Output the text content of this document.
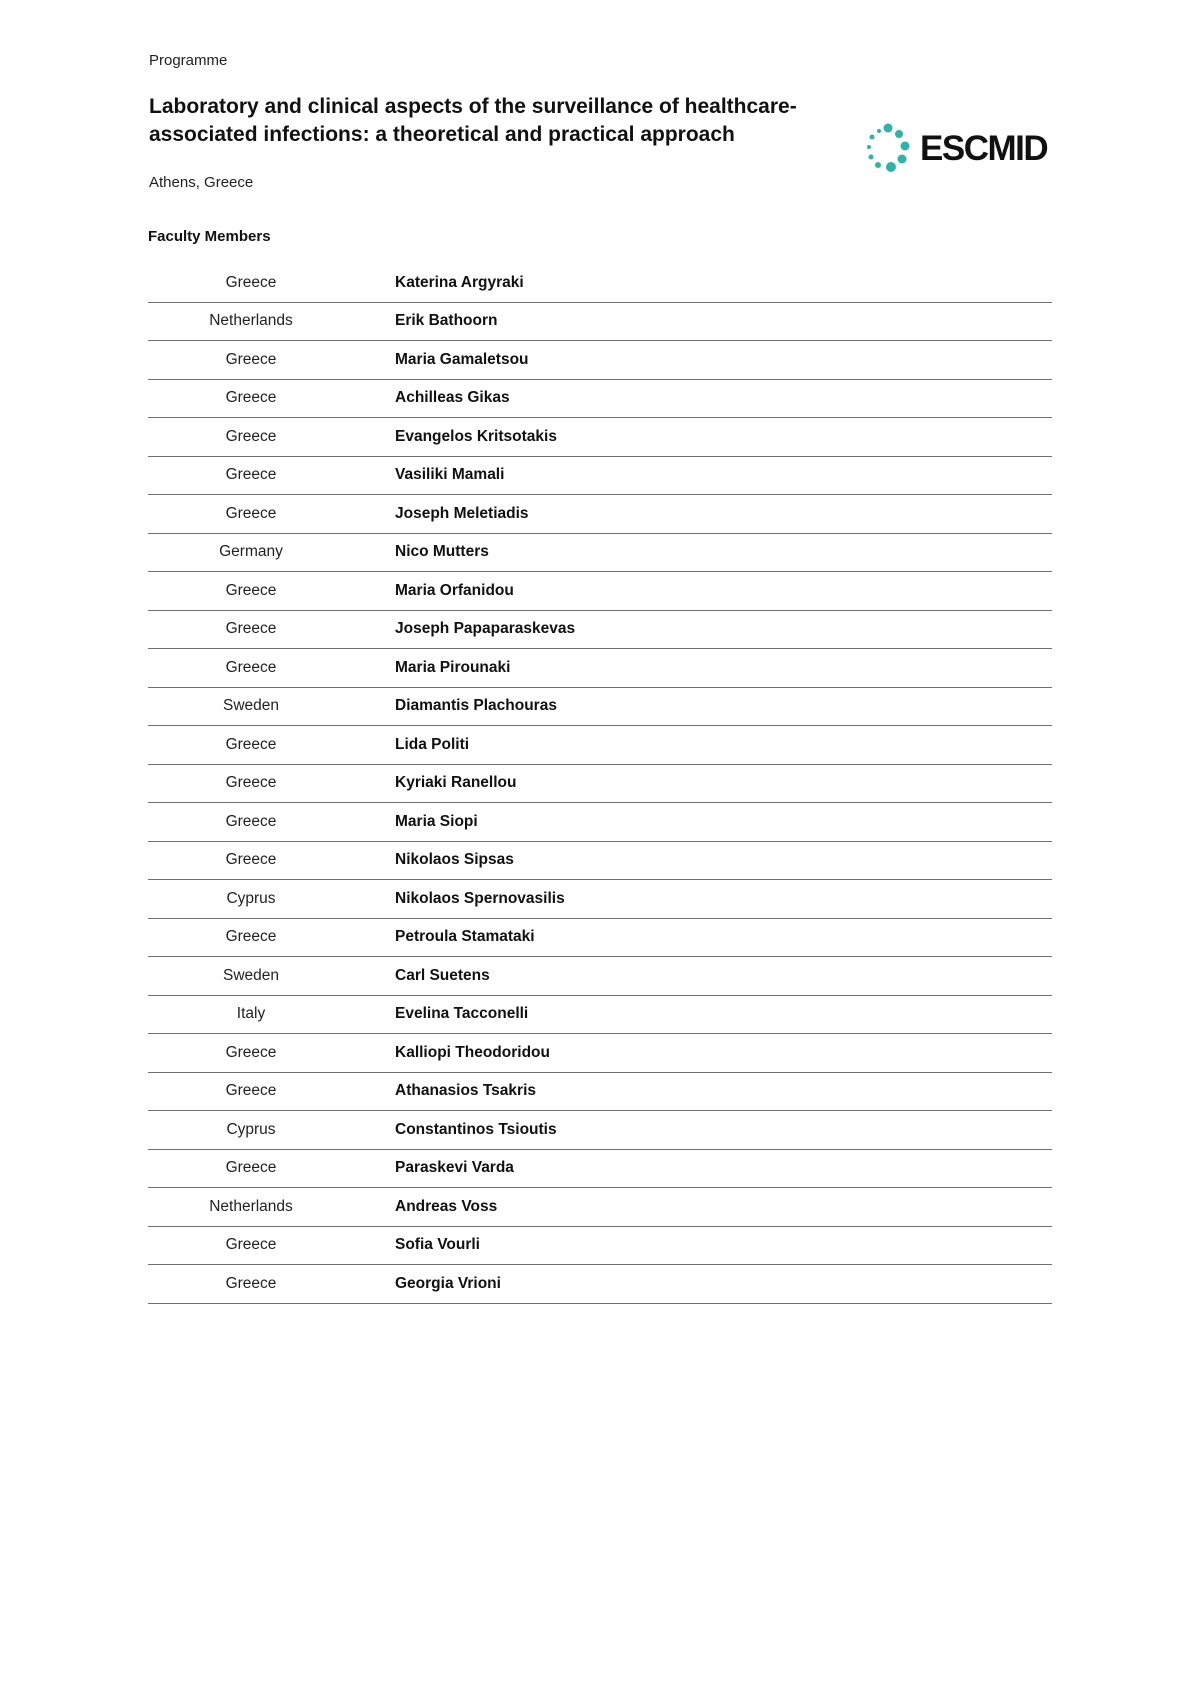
Programme
Laboratory and clinical aspects of the surveillance of healthcare-associated infections: a theoretical and practical approach
Athens, Greece
ESCMID
Faculty Members
Greece	Katerina Argyraki
Netherlands	Erik Bathoorn
Greece	Maria Gamaletsou
Greece	Achilleas Gikas
Greece	Evangelos Kritsotakis
Greece	Vasiliki Mamali
Greece	Joseph Meletiadis
Germany	Nico Mutters
Greece	Maria Orfanidou
Greece	Joseph Papaparaskevas
Greece	Maria Pirounaki
Sweden	Diamantis Plachouras
Greece	Lida Politi
Greece	Kyriaki Ranellou
Greece	Maria Siopi
Greece	Nikolaos Sipsas
Cyprus	Nikolaos Spernovasilis
Greece	Petroula Stamataki
Sweden	Carl Suetens
Italy	Evelina Tacconelli
Greece	Kalliopi Theodoridou
Greece	Athanasios Tsakris
Cyprus	Constantinos Tsioutis
Greece	Paraskevi Varda
Netherlands	Andreas Voss
Greece	Sofia Vourli
Greece	Georgia Vrioni
